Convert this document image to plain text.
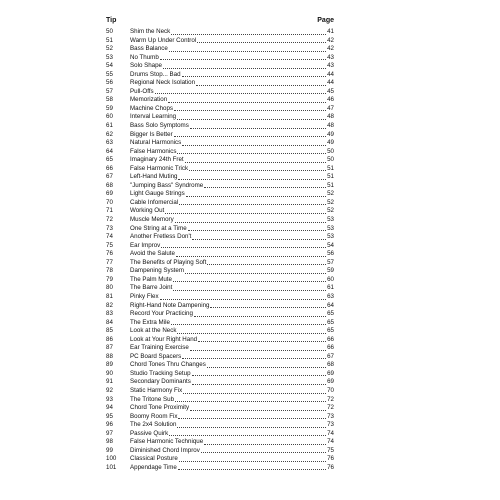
Tip	Page
50	Shim the Neck	41
51	Warm Up Under Control	42
52	Bass Balance	42
53	No Thumb	43
54	Solo Shape	43
55	Drums Stop... Bad	44
56	Regional Neck Isolation	44
57	Pull-Offs	45
58	Memorization	46
59	Machine Chops	47
60	Interval Learning	48
61	Bass Solo Symptoms	48
62	Bigger Is Better	49
63	Natural Harmonics	49
64	False Harmonics	50
65	Imaginary 24th Fret	50
66	False Harmonic Trick	51
67	Left-Hand Muting	51
68	"Jumping Bass" Syndrome	51
69	Light Gauge Strings	52
70	Cable Infomercial	52
71	Working Out	52
72	Muscle Memory	53
73	One String at a Time	53
74	Another Fretless Don't	53
75	Ear Improv	54
76	Avoid the Salute	56
77	The Benefits of Playing Soft	57
78	Dampening System	59
79	The Palm Mute	60
80	The Barre Joint	61
81	Pinky Flex	63
82	Right-Hand Note Dampening	64
83	Record Your Practicing	65
84	The Extra Mile	65
85	Look at the Neck	65
86	Look at Your Right Hand	66
87	Ear Training Exercise	66
88	PC Board Spacers	67
89	Chord Tones Thru Changes	68
90	Studio Tracking Setup	69
91	Secondary Dominants	69
92	Static Harmony Fix	70
93	The Tritone Sub	72
94	Chord Tone Proximity	72
95	Boomy Room Fix	73
96	The 2x4 Solution	73
97	Passive Quirk	74
98	False Harmonic Technique	74
99	Diminished Chord Improv	75
100	Classical Posture	76
101	Appendage Time	76
